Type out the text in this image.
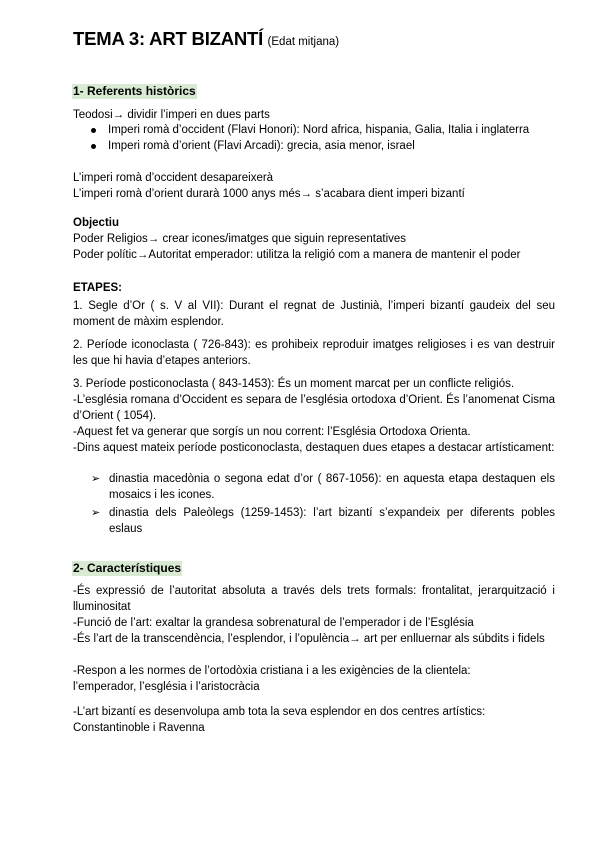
TEMA 3: ART BIZANTÍ (Edat mitjana)
1- Referents històrics
Teodosi→ dividir l’imperi en dues parts
Imperi romà d’occident (Flavi Honori): Nord africa, hispania, Galia, Italia i inglaterra
Imperi romà d’orient (Flavi Arcadi): grecia, asia menor, israel
L’imperi romà d’occident desapareixerà
L’imperi romà d’orient durarà 1000 anys més→ s’acabara dient imperi bizantí
Objectiu
Poder Religios→ crear icones/imatges que siguin representatives
Poder polític→Autoritat emperador: utilitza la religió com a manera de mantenir el poder
ETAPES:
1. Segle d’Or ( s. V al VII): Durant el regnat de Justinià, l’imperi bizantí gaudeix del seu moment de màxim esplendor.
2. Període iconoclasta ( 726-843): es prohibeix reproduir imatges religioses i es van destruir les que hi havia d’etapes anteriors.
3. Període posticonoclasta ( 843-1453): És un moment marcat per un conflicte religiós.
-L’església romana d’Occident es separa de l’església ortodoxa d’Orient. És l’anomenat Cisma d’Orient ( 1054).
-Aquest fet va generar que sorgís un nou corrent: l’Església Ortodoxa Orienta.
-Dins aquest mateix període posticonoclasta, destaquen dues etapes a destacar artísticament:
➢ dinastia macedònia o segona edat d’or ( 867-1056): en aquesta etapa destaquen els mosaics i les icones.
➢ dinastia dels Paleòlegs (1259-1453): l’art bizantí s’expandeix per diferents pobles eslaus
2- Característiques
-És expressió de l’autoritat absoluta a través dels trets formals: frontalitat, jerarquització i lluminositat
-Funció de l’art: exaltar la grandesa sobrenatural de l’emperador i de l’Església
-És l’art de la transcendència, l’esplendor, i l’opulència→ art per enlluernar als súbdits i fidels
-Respon a les normes de l’ortodòxia cristiana i a les exigències de la clientela:
l’emperador, l’església i l’aristocràcia
-L’art bizantí es desenvolupa amb tota la seva esplendor en dos centres artístics:
Constantinoble i Ravenna
